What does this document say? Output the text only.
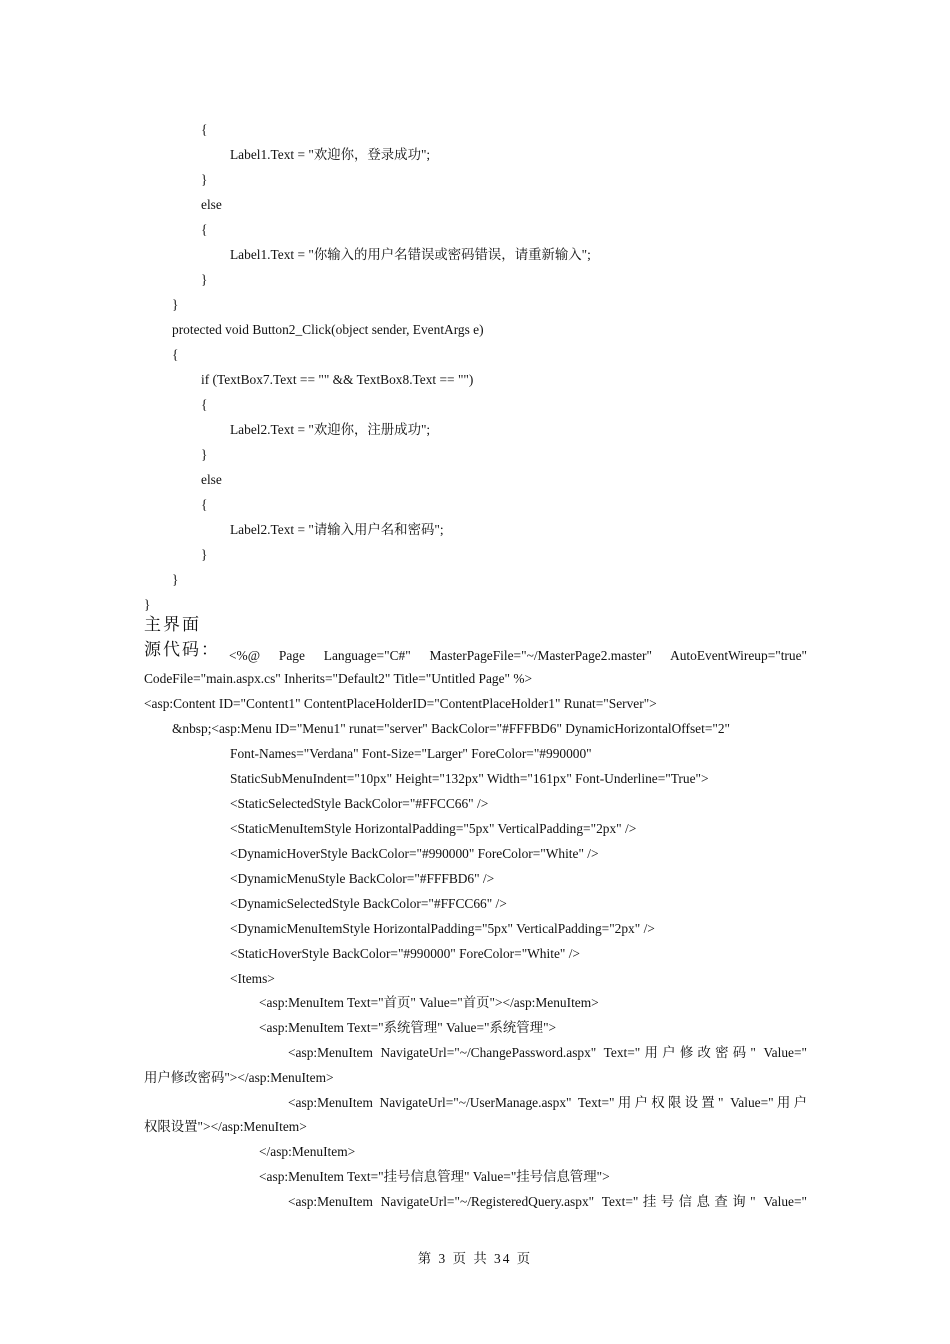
{
Label1.Text = "欢迎你，登录成功";
}
else
{
Label1.Text = "你输入的用户名错误或密码错误，请重新输入";
}
}
protected void Button2_Click(object sender, EventArgs e)
{
if (TextBox7.Text == "" && TextBox8.Text == "")
{
Label2.Text = "欢迎你，注册成功";
}
else
{
Label2.Text = "请输入用户名和密码";
}
}
}
主界面
源代码： <%@ Page Language="C#" MasterPageFile="~/MasterPage2.master" AutoEventWireup="true"
CodeFile="main.aspx.cs" Inherits="Default2" Title="Untitled Page" %>
<asp:Content ID="Content1" ContentPlaceHolderID="ContentPlaceHolder1" Runat="Server">
&nbsp;<asp:Menu ID="Menu1" runat="server" BackColor="#FFFBD6" DynamicHorizontalOffset="2"
Font-Names="Verdana" Font-Size="Larger" ForeColor="#990000"
StaticSubMenuIndent="10px" Height="132px" Width="161px" Font-Underline="True">
<StaticSelectedStyle BackColor="#FFCC66" />
<StaticMenuItemStyle HorizontalPadding="5px" VerticalPadding="2px" />
<DynamicHoverStyle BackColor="#990000" ForeColor="White" />
<DynamicMenuStyle BackColor="#FFFBD6" />
<DynamicSelectedStyle BackColor="#FFCC66" />
<DynamicMenuItemStyle HorizontalPadding="5px" VerticalPadding="2px" />
<StaticHoverStyle BackColor="#990000" ForeColor="White" />
<Items>
<asp:MenuItem Text="首页" Value="首页"></asp:MenuItem>
<asp:MenuItem Text="系统管理" Value="系统管理">
<asp:MenuItem NavigateUrl="~/ChangePassword.aspx" Text="用户修改密码" Value="
用户修改密码"></asp:MenuItem>
<asp:MenuItem NavigateUrl="~/UserManage.aspx" Text="用户权限设置" Value="用户
权限设置"></asp:MenuItem>
</asp:MenuItem>
<asp:MenuItem Text="挂号信息管理" Value="挂号信息管理">
<asp:MenuItem NavigateUrl="~/RegisteredQuery.aspx" Text="挂号信息查询" Value="
第 3 页 共 34 页
